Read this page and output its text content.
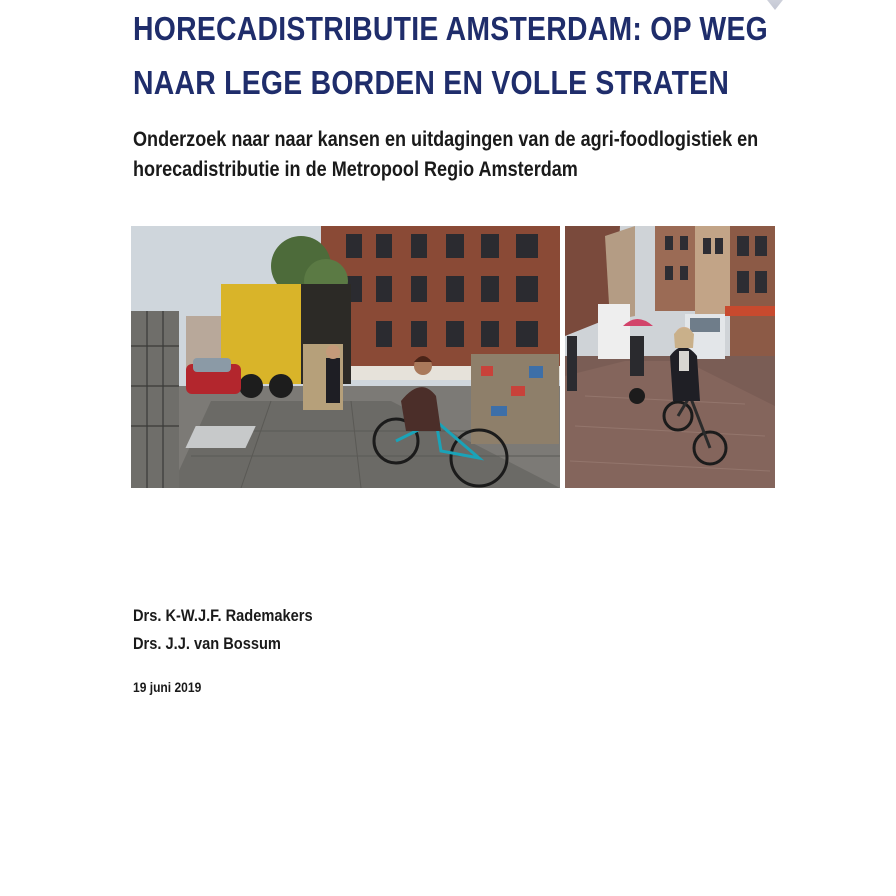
HORECADISTRIBUTIE AMSTERDAM: OP WEG
NAAR LEGE BORDEN EN VOLLE STRATEN
Onderzoek naar naar kansen en uitdagingen van de agri-foodlogistiek en
horecadistributie in de Metropool Regio Amsterdam
Drs. K-W.J.F. Rademakers
Drs. J.J. van Bossum

19 juni 2019
